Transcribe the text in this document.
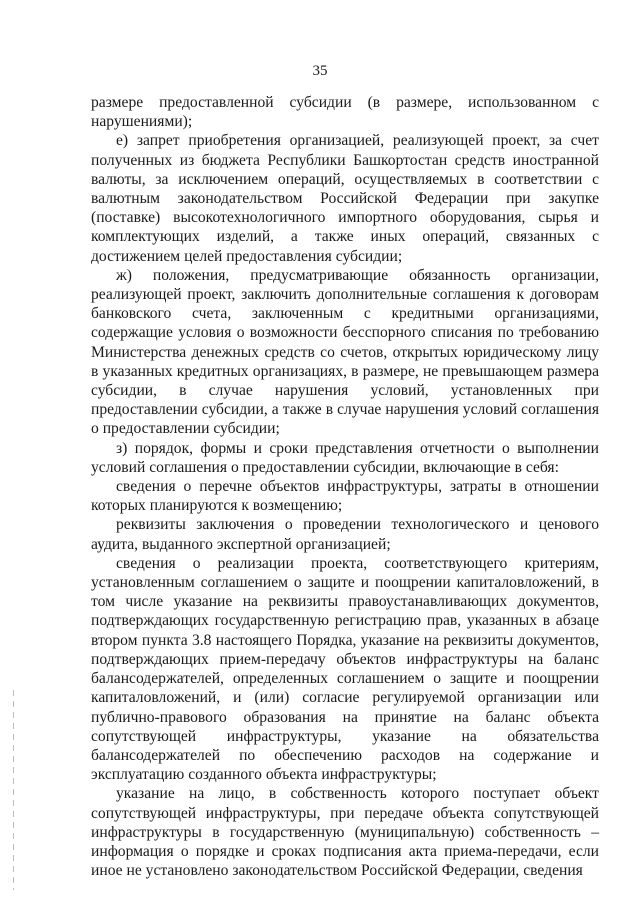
35

размере предоставленной субсидии (в размере, использованном с нарушениями);

е) запрет приобретения организацией, реализующей проект, за счет полученных из бюджета Республики Башкортостан средств иностранной валюты, за исключением операций, осуществляемых в соответствии с валютным законодательством Российской Федерации при закупке (поставке) высокотехнологичного импортного оборудования, сырья и комплектующих изделий, а также иных операций, связанных с достижением целей предоставления субсидии;

ж) положения, предусматривающие обязанность организации, реализующей проект, заключить дополнительные соглашения к договорам банковского счета, заключенным с кредитными организациями, содержащие условия о возможности бесспорного списания по требованию Министерства денежных средств со счетов, открытых юридическому лицу в указанных кредитных организациях, в размере, не превышающем размера субсидии, в случае нарушения условий, установленных при предоставлении субсидии, а также в случае нарушения условий соглашения о предоставлении субсидии;

з) порядок, формы и сроки представления отчетности о выполнении условий соглашения о предоставлении субсидии, включающие в себя:

сведения о перечне объектов инфраструктуры, затраты в отношении которых планируются к возмещению;

реквизиты заключения о проведении технологического и ценового аудита, выданного экспертной организацией;

сведения о реализации проекта, соответствующего критериям, установленным соглашением о защите и поощрении капиталовложений, в том числе указание на реквизиты правоустанавливающих документов, подтверждающих государственную регистрацию прав, указанных в абзаце втором пункта 3.8 настоящего Порядка, указание на реквизиты документов, подтверждающих прием-передачу объектов инфраструктуры на баланс балансодержателей, определенных соглашением о защите и поощрении капиталовложений, и (или) согласие регулируемой организации или публично-правового образования на принятие на баланс объекта сопутствующей инфраструктуры, указание на обязательства балансодержателей по обеспечению расходов на содержание и эксплуатацию созданного объекта инфраструктуры;

указание на лицо, в собственность которого поступает объект сопутствующей инфраструктуры, при передаче объекта сопутствующей инфраструктуры в государственную (муниципальную) собственность – информация о порядке и сроках подписания акта приема-передачи, если иное не установлено законодательством Российской Федерации, сведения
